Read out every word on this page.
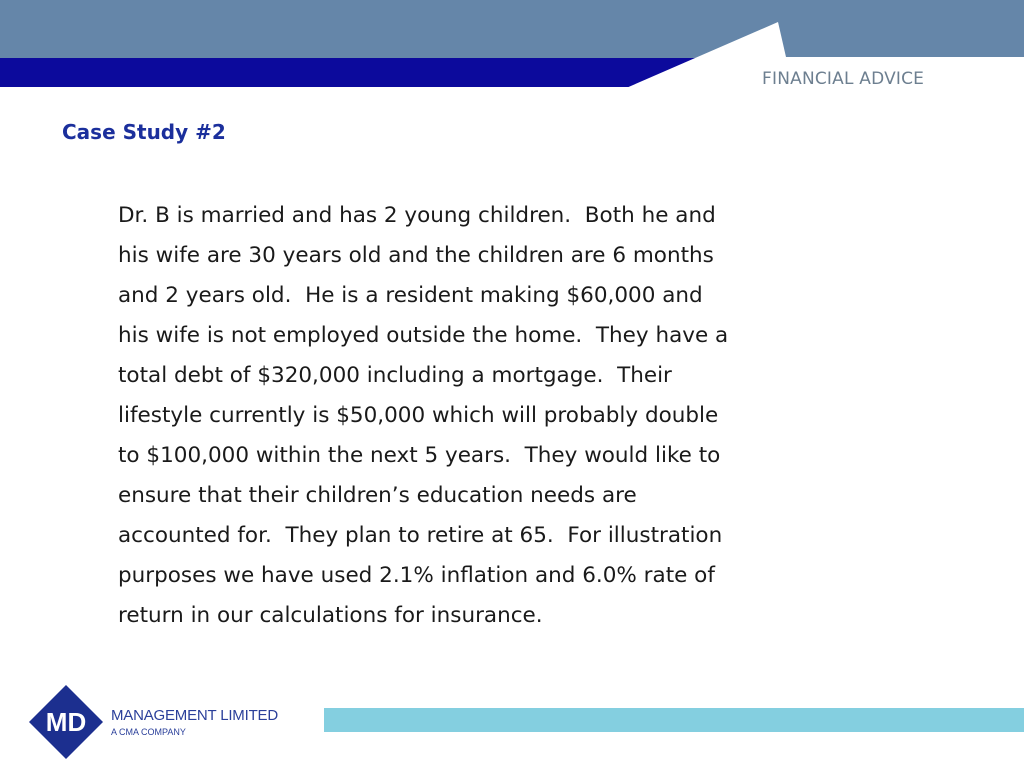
FINANCIAL ADVICE
Case Study #2
Dr. B is married and has 2 young children.  Both he and
his wife are 30 years old and the children are 6 months
and 2 years old.  He is a resident making $60,000 and
his wife is not employed outside the home.  They have a
total debt of $320,000 including a mortgage.  Their
lifestyle currently is $50,000 which will probably double
to $100,000 within the next 5 years.  They would like to
ensure that their children’s education needs are
accounted for.  They plan to retire at 65.  For illustration
purposes we have used 2.1% inflation and 6.0% rate of
return in our calculations for insurance.
MD MANAGEMENT LIMITED
A CMA COMPANY
